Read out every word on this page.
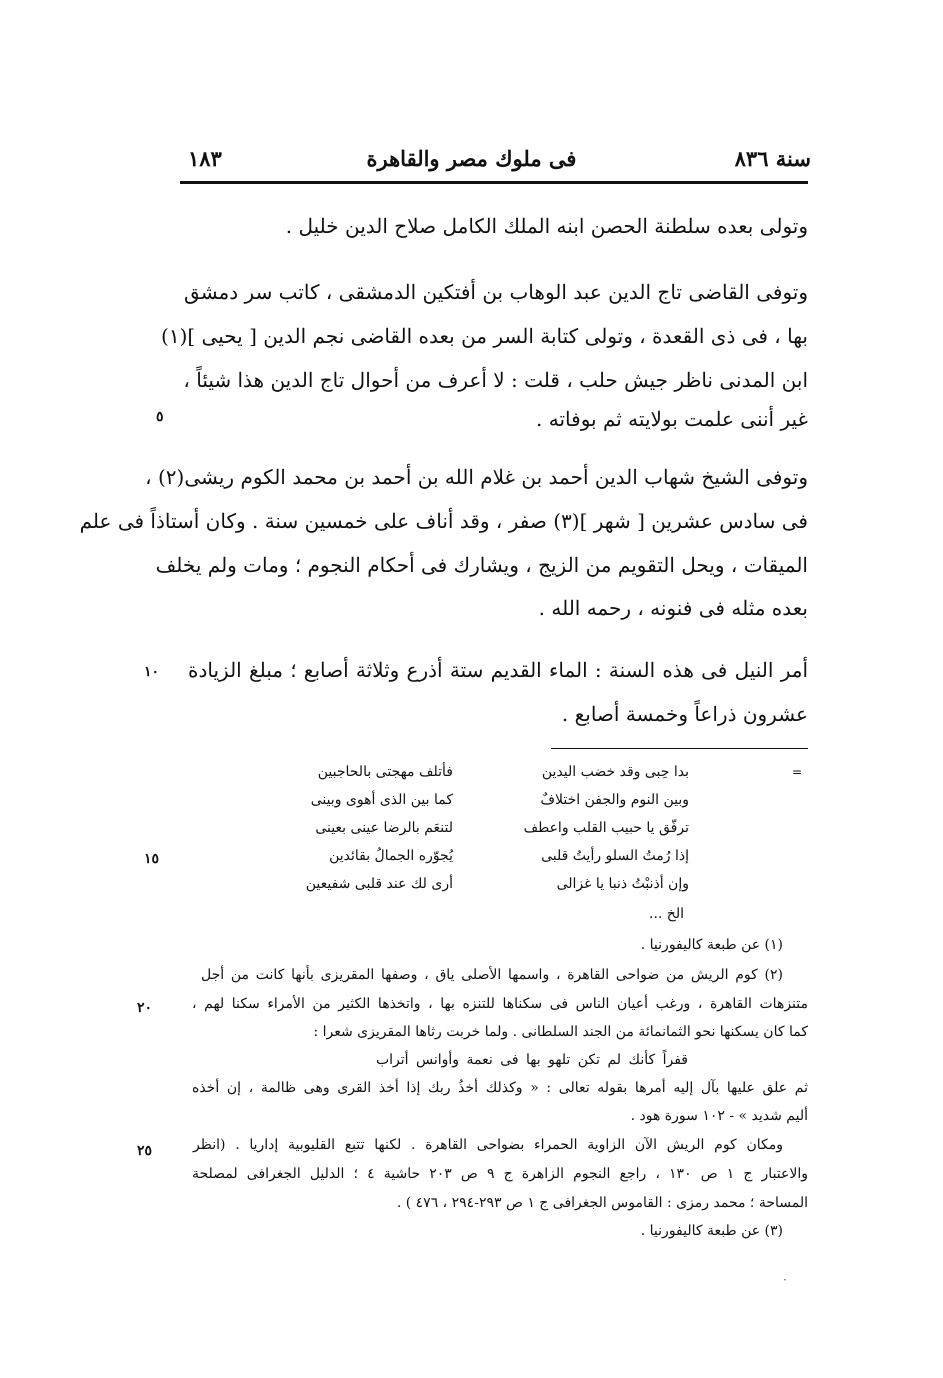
سنة ٨٣٦
فى ملوك مصر والقاهرة
١٨٣
وتولى بعده سلطنة الحصن ابنه الملك الكامل صلاح الدين خليل .
وتوفى القاضى تاج الدين عبد الوهاب بن أفتكين الدمشقى ، كاتب سر دمشق
بها ، فى ذى القعدة ، وتولى كتابة السر من بعده القاضى نجم الدين [ يحيى ](١)
ابن المدنى ناظر جيش حلب ، قلت : لا أعرف من أحوال تاج الدين هذا شيئاً ،
غير أننى علمت بولايته ثم بوفاته .
وتوفى الشيخ شهاب الدين أحمد بن غلام الله بن أحمد بن محمد الكوم ريشى(٢) ،
فى سادس عشرين [ شهر ](٣) صفر ، وقد أناف على خمسين سنة . وكان أستاذاً فى علم
الميقات ، ويحل التقويم من الزيج ، ويشارك فى أحكام النجوم ؛ ومات ولم يخلف
بعده مثله فى فنونه ، رحمه الله .
أمر النيل فى هذه السنة : الماء القديم ستة أذرع وثلاثة أصابع ؛ مبلغ الزيادة
عشرون ذراعاً وخمسة أصابع .
٥
١٠
١٥
٢٠
٢٥
=
بدا حِبى وقد خضب اليدين
وبين النوم والجفن اختلافٌ
ترفّق يا حبيب القلب واعطف
إذا رُمتُ السلو رأيتُ قلبى
وإن أذنبْتُ ذنبا يا غزالى
فأتلف مهجتى بالحاجبين
كما بين الذى أهوى وبينى
لتنعَم بالرضا عينى بعينى
يُجوّره الجمالُ بقائدين
أرى لك عند قلبى شفيعين
الخ ...
(١) عن طبعة كاليفورنيا .
(٢) كوم الريش من ضواحى القاهرة ، واسمها الأصلى ياق ، وصفها المقريزى بأنها كانت من أجل
متنزهات القاهرة ، ورغب أعيان الناس فى سكناها للتنزه بها ، واتخذها الكثير من الأمراء سكنا لهم ،
كما كان يسكنها نحو الثمانمائة من الجند السلطانى . ولما خربت رثاها المقريزى شعرا :
قفراً كأنك لم تكن تلهو بها فى نعمة وأوانس أتراب
ثم علق عليها بآل إليه أمرها بقوله تعالى : « وكذلك أخذُ ربك إذا أخذ القرى وهى ظالمة ، إن أخذه
أليم شديد » - ١٠٢ سورة هود .
ومكان كوم الريش الآن الزاوية الحمراء بضواحى القاهرة . لكنها تتبع القليوبية إداريا . (انظر
والاعتبار ج ١ ص ١٣٠ ، راجع النجوم الزاهرة ج ٩ ص ٢٠٣ حاشية ٤ ؛ الدليل الجغرافى لمصلحة
المساحة ؛ محمد رمزى : القاموس الجغرافى ج ١ ص ٢٩٣-٢٩٤ ، ٤٧٦ ) .
(٣) عن طبعة كاليفورنيا .
·
